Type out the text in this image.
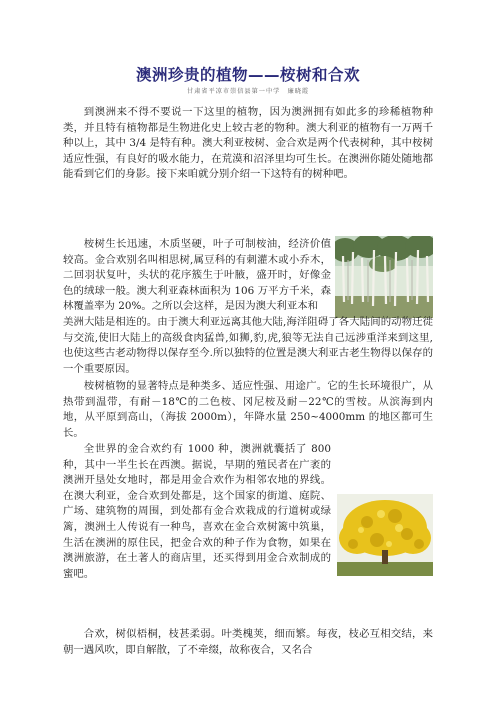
澳洲珍贵的植物——桉树和合欢
甘肃省平凉市崇信县第一中学　廉晓霞
到澳洲来不得不要说一下这里的植物，因为澳洲拥有如此多的珍稀植物种类，并且特有植物都是生物进化史上较古老的物种。澳大利亚的植物有一万两千种以上，其中 3/4 是特有种。澳大利亚桉树、金合欢是两个代表树种，其中桉树适应性强，有良好的吸水能力，在荒漠和沼泽里均可生长。在澳洲你随处随地都能看到它们的身影。接下来咱就分别介绍一下这特有的树种吧。
桉树生长迅速，木质坚硬，叶子可制桉油，经济价值较高。金合欢别名叫相思树,属豆科的有刺灌木或小乔木，二回羽状复叶，头状的花序簇生于叶腋，盛开时，好像金色的绒球一般。澳大利亚森林面积为 106 万平方千米，森林覆盖率为 20%。之所以会这样，是因为澳大利亚本和
美洲大陆是相连的。由于澳大利亚远离其他大陆,海洋阻碍了各大陆间的动物迁徙与交流,使旧大陆上的高级食肉猛兽,如狮,豹,虎,狼等无法自己远涉重洋来到这里,也使这些古老动物得以保存至今.所以独特的位置是澳大利亚古老生物得以保存的一个重要原因。
桉树植物的显著特点是种类多、适应性强、用途广。它的生长环境很广，从热带到温带，有耐－18℃的二色桉、冈尼桉及耐－22℃的雪桉。从滨海到内地，从平原到高山，（海拔 2000m），年降水量 250~4000mm 的地区都可生长。
全世界的金合欢约有 1000 种，澳洲就囊括了 800 种，其中一半生长在西澳。据说，早期的殖民者在广袤的澳洲开垦处女地时，都是用金合欢作为相邻农地的界线。在澳大利亚，金合欢到处都是，这个国家的街道、庭院、广场、建筑物的周围，到处都有金合欢栽成的行道树或绿篱，澳洲土人传说有一种鸟，喜欢在金合欢树篱中筑巢，生活在澳洲的原住民，把金合欢的种子作为食物，如果在澳洲旅游，在土著人的商店里，还买得到用金合欢制成的蜜吧。
合欢，树似梧桐，枝甚柔弱。叶类槐荚，细而繁。每夜，枝必互相交结，来朝一遇风吹，即自解散，了不牵缀，故称夜合，又名合
